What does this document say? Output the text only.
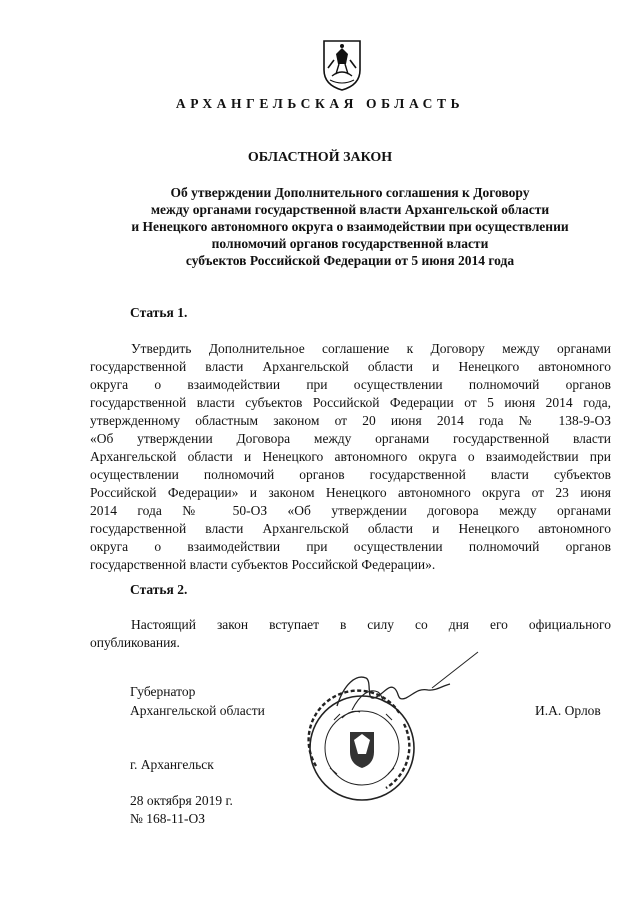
АРХАНГЕЛЬСКАЯ ОБЛАСТЬ
ОБЛАСТНОЙ ЗАКОН
Об утверждении Дополнительного соглашения к Договору
между органами государственной власти Архангельской области
и Ненецкого автономного округа о взаимодействии при осуществлении
полномочий органов государственной власти
субъектов Российской Федерации от 5 июня 2014 года
Статья 1.
Утвердить Дополнительное соглашение к Договору между органами
государственной власти Архангельской области и Ненецкого автономного
округа о взаимодействии при осуществлении полномочий органов
государственной власти субъектов Российской Федерации от 5 июня 2014 года,
утвержденному областным законом от 20 июня 2014 года № 138-9-ОЗ
«Об утверждении Договора между органами государственной власти
Архангельской области и Ненецкого автономного округа о взаимодействии при
осуществлении полномочий органов государственной власти субъектов
Российской Федерации» и законом Ненецкого автономного округа от 23 июня
2014 года № 50-ОЗ «Об утверждении договора между органами
государственной власти Архангельской области и Ненецкого автономного
округа о взаимодействии при осуществлении полномочий органов
государственной власти субъектов Российской Федерации».
Статья 2.
Настоящий закон вступает в силу со дня его официального
опубликования.
Губернатор
Архангельской области	И.А. Орлов
г. Архангельск
28 октября 2019 г.
№ 168-11-ОЗ
